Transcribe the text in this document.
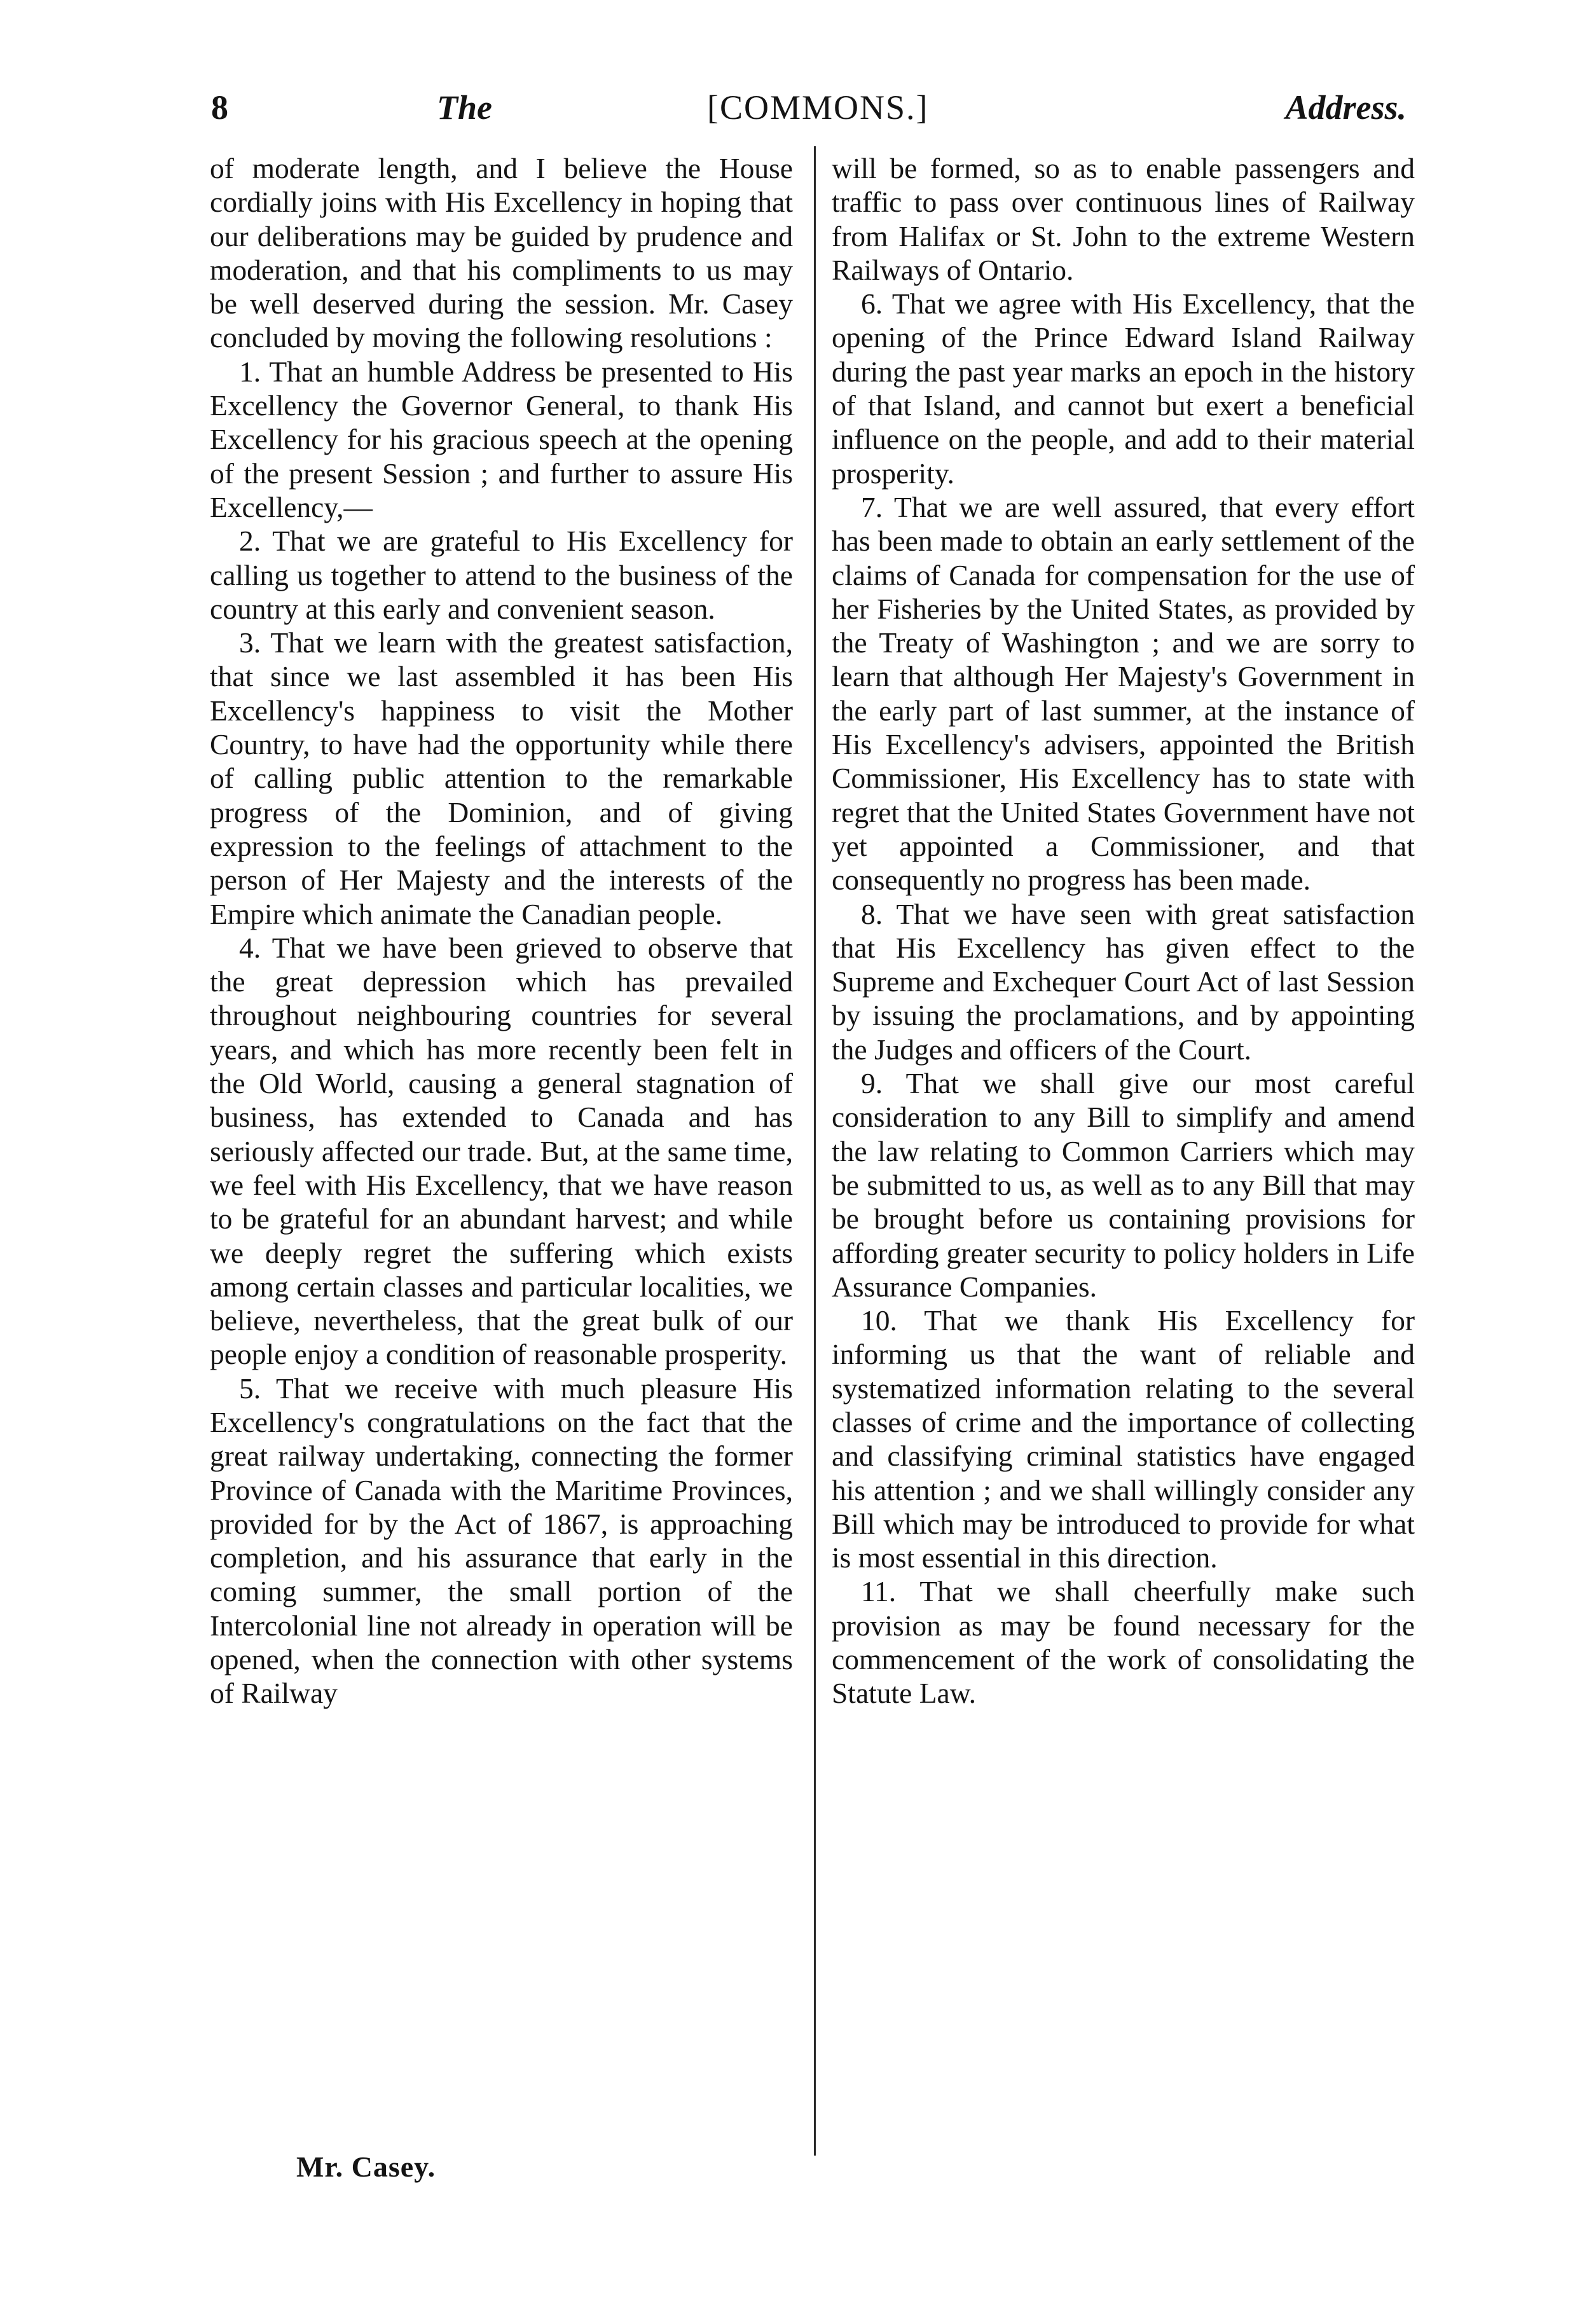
8	The	[COMMONS.]	Address.

of moderate length, and I believe the House cordially joins with His Excellency in hoping that our deliberations may be guided by prudence and moderation, and that his compliments to us may be well deserved during the session. Mr. Casey concluded by moving the following resolutions :

1. That an humble Address be presented to His Excellency the Governor General, to thank His Excellency for his gracious speech at the opening of the present Session ; and further to assure His Excellency,—

2. That we are grateful to His Excellency for calling us together to attend to the business of the country at this early and convenient season.

3. That we learn with the greatest satisfaction, that since we last assembled it has been His Excellency's happiness to visit the Mother Country, to have had the opportunity while there of calling public attention to the remarkable progress of the Dominion, and of giving expression to the feelings of attachment to the person of Her Majesty and the interests of the Empire which animate the Canadian people.

4. That we have been grieved to observe that the great depression which has prevailed throughout neighbouring countries for several years, and which has more recently been felt in the Old World, causing a general stagnation of business, has extended to Canada and has seriously affected our trade. But, at the same time, we feel with His Excellency, that we have reason to be grateful for an abundant harvest; and while we deeply regret the suffering which exists among certain classes and particular localities, we believe, nevertheless, that the great bulk of our people enjoy a condition of reasonable prosperity.

5. That we receive with much pleasure His Excellency's congratulations on the fact that the great railway undertaking, connecting the former Province of Canada with the Maritime Provinces, provided for by the Act of 1867, is approaching completion, and his assurance that early in the coming summer, the small portion of the Intercolonial line not already in operation will be opened, when the connection with other systems of Railway

will be formed, so as to enable passengers and traffic to pass over continuous lines of Railway from Halifax or St. John to the extreme Western Railways of Ontario.

6. That we agree with His Excellency, that the opening of the Prince Edward Island Railway during the past year marks an epoch in the history of that Island, and cannot but exert a beneficial influence on the people, and add to their material prosperity.

7. That we are well assured, that every effort has been made to obtain an early settlement of the claims of Canada for compensation for the use of her Fisheries by the United States, as provided by the Treaty of Washington ; and we are sorry to learn that although Her Majesty's Government in the early part of last summer, at the instance of His Excellency's advisers, appointed the British Commissioner, His Excellency has to state with regret that the United States Government have not yet appointed a Commissioner, and that consequently no progress has been made.

8. That we have seen with great satisfaction that His Excellency has given effect to the Supreme and Exchequer Court Act of last Session by issuing the proclamations, and by appointing the Judges and officers of the Court.

9. That we shall give our most careful consideration to any Bill to simplify and amend the law relating to Common Carriers which may be submitted to us, as well as to any Bill that may be brought before us containing provisions for affording greater security to policy holders in Life Assurance Companies.

10. That we thank His Excellency for informing us that the want of reliable and systematized information relating to the several classes of crime and the importance of collecting and classifying criminal statistics have engaged his attention ; and we shall willingly consider any Bill which may be introduced to provide for what is most essential in this direction.

11. That we shall cheerfully make such provision as may be found necessary for the commencement of the work of consolidating the Statute Law.

Mr. Casey.
